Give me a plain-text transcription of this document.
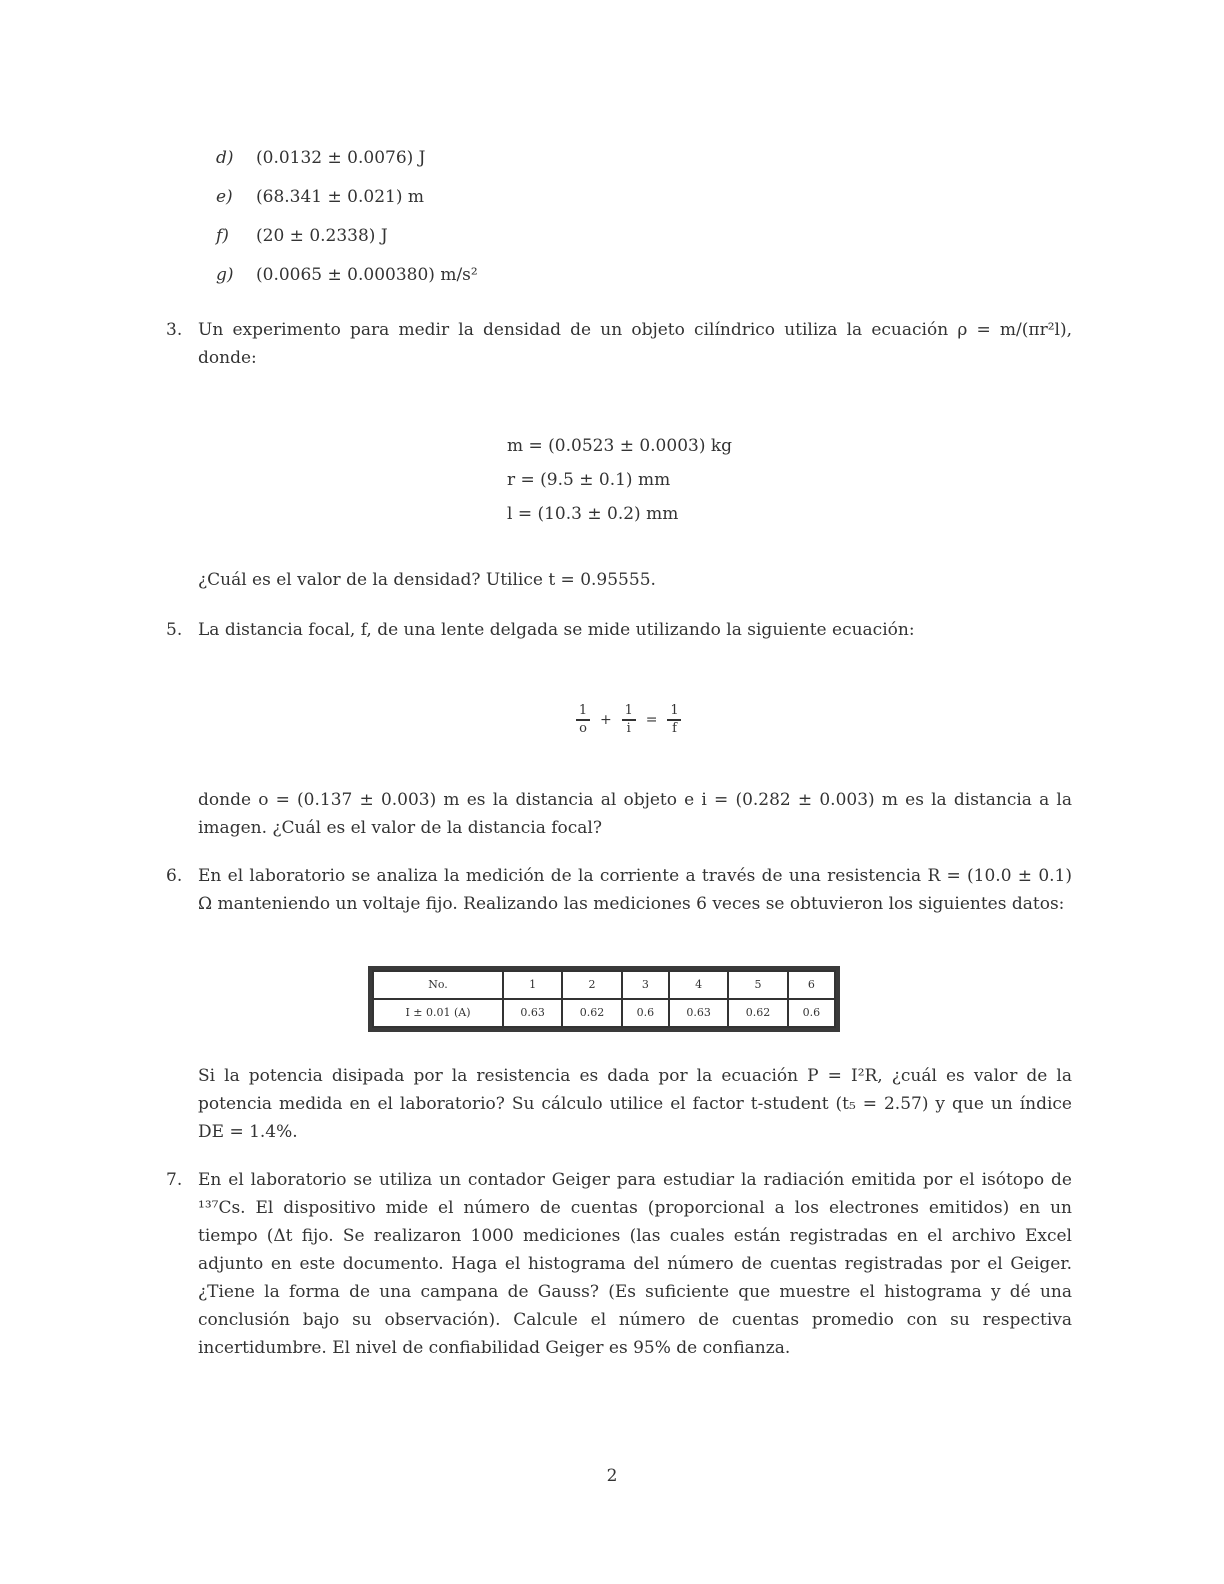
d)	(0.0132 ± 0.0076) J
e)	(68.341 ± 0.021) m
f)	(20 ± 0.2338) J
g)	(0.0065 ± 0.000380) m/s²
3. Un experimento para medir la densidad de un objeto cilíndrico utiliza la ecuación ρ = m/(πr²l), donde:
m = (0.0523 ± 0.0003) kg
r = (9.5 ± 0.1) mm
l = (10.3 ± 0.2) mm
¿Cuál es el valor de la densidad? Utilice t = 0.95555.
5. La distancia focal, f, de una lente delgada se mide utilizando la siguiente ecuación:
$\frac{1}{o} + \frac{1}{i} = \frac{1}{f}$
donde o = (0.137 ± 0.003) m es la distancia al objeto e i = (0.282 ± 0.003) m es la distancia a la imagen. ¿Cuál es el valor de la distancia focal?
6. En el laboratorio se analiza la medición de la corriente a través de una resistencia R = (10.0 ± 0.1) Ω manteniendo un voltaje fijo. Realizando las mediciones 6 veces se obtuvieron los siguientes datos:
No.	1	2	3	4	5	6
I ± 0.01 (A)	0.63	0.62	0.6	0.63	0.62	0.6
Si la potencia disipada por la resistencia es dada por la ecuación P = I²R, ¿cuál es valor de la potencia medida en el laboratorio? Su cálculo utilice el factor t-student (t₅ = 2.57) y que un índice DE = 1.4%.
7. En el laboratorio se utiliza un contador Geiger para estudiar la radiación emitida por el isótopo de ¹³⁷Cs. El dispositivo mide el número de cuentas (proporcional a los electrones emitidos) en un tiempo (Δt fijo. Se realizaron 1000 mediciones (las cuales están registradas en el archivo Excel adjunto en este documento. Haga el histograma del número de cuentas registradas por el Geiger. ¿Tiene la forma de una campana de Gauss? (Es suficiente que muestre el histograma y dé una conclusión bajo su observación). Calcule el número de cuentas promedio con su respectiva incertidumbre. El nivel de confiabilidad Geiger es 95% de confianza.
2
